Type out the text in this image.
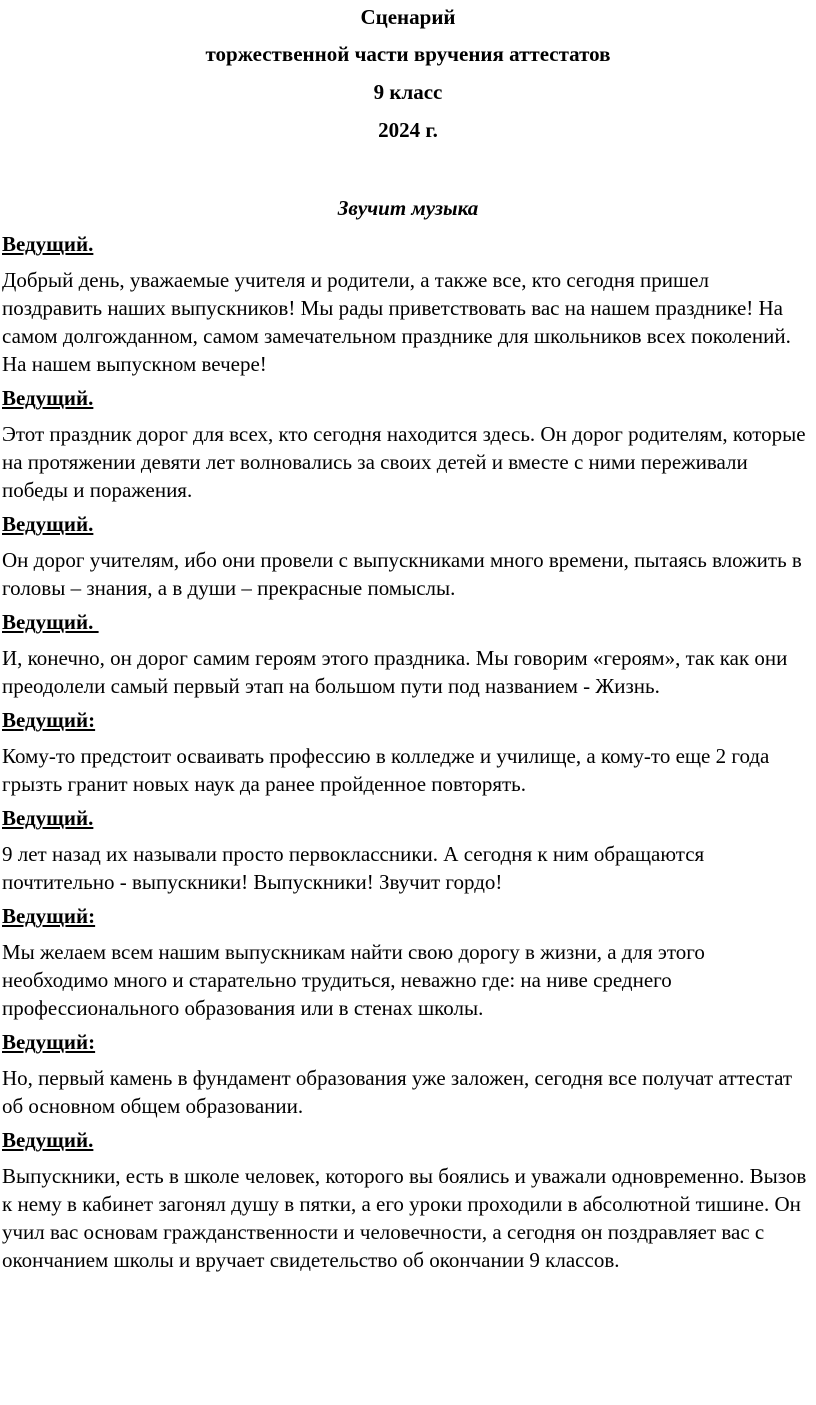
Сценарий

торжественной части вручения аттестатов

9 класс

2024 г.

Звучит музыка

Ведущий.

Добрый день, уважаемые учителя и родители, а также все, кто сегодня пришел поздравить наших выпускников! Мы рады приветствовать вас на нашем празднике! На самом долгожданном, самом замечательном празднике для школьников всех поколений. На нашем выпускном вечере!

Ведущий.

Этот праздник дорог для всех, кто сегодня находится здесь. Он дорог родителям, которые на протяжении девяти лет волновались за своих детей и вместе с ними переживали победы и поражения.

Ведущий.

Он дорог учителям, ибо они провели с выпускниками много времени, пытаясь вложить в головы – знания, а в души – прекрасные помыслы.

Ведущий.

И, конечно, он дорог самим героям этого праздника. Мы говорим «героям», так как они преодолели самый первый этап на большом пути под названием - Жизнь.

Ведущий:

Кому-то предстоит осваивать профессию в колледже и училище, а кому-то еще 2 года грызть гранит новых наук да ранее пройденное повторять.

Ведущий.

9 лет назад их называли просто первоклассники. А сегодня к ним обращаются почтительно - выпускники! Выпускники! Звучит гордо!

Ведущий:

Мы желаем всем нашим выпускникам найти свою дорогу в жизни, а для этого необходимо много и старательно трудиться, неважно где: на ниве среднего профессионального образования или в стенах школы.

Ведущий:

Но, первый камень в фундамент образования уже заложен, сегодня все получат аттестат об основном общем образовании.

Ведущий.

Выпускники, есть в школе человек, которого вы боялись и уважали одновременно. Вызов к нему в кабинет загонял душу в пятки, а его уроки проходили в абсолютной тишине. Он учил вас основам гражданственности и человечности, а сегодня он поздравляет вас с окончанием школы и вручает свидетельство об окончании 9 классов.
